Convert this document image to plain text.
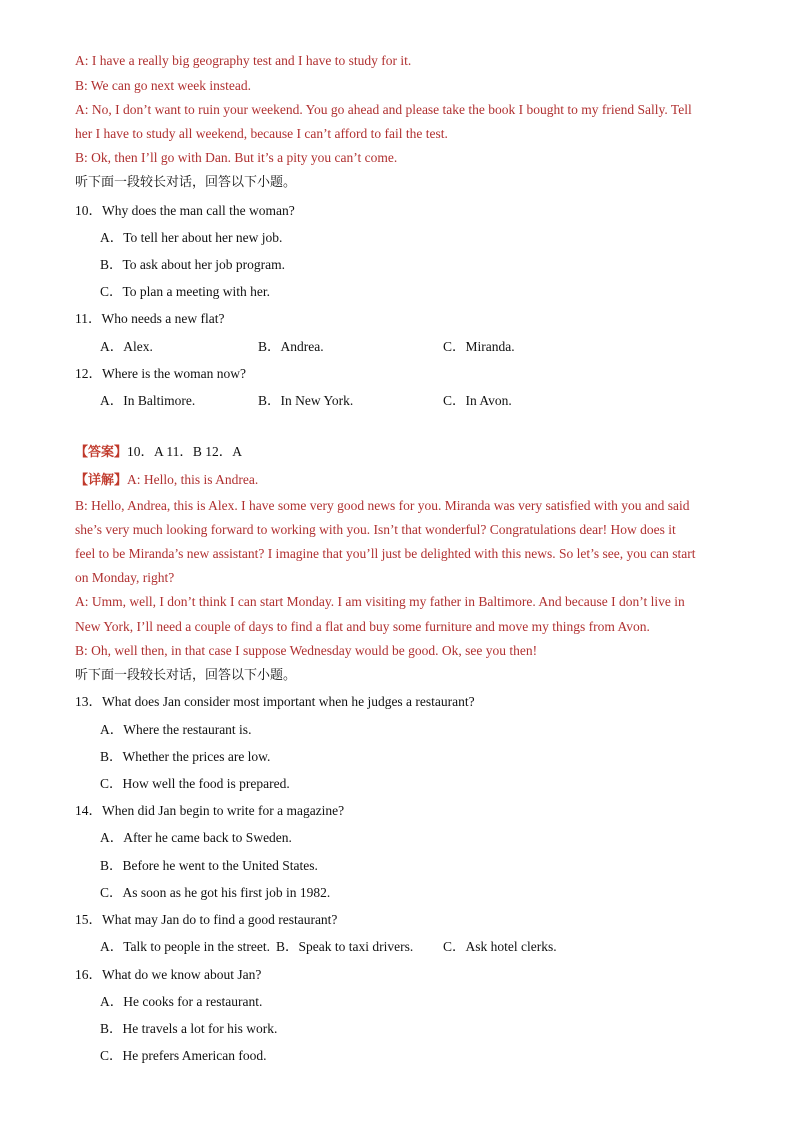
A: I have a really big geography test and I have to study for it.
B: We can go next week instead.
A: No, I don’t want to ruin your weekend. You go ahead and please take the book I bought to my friend Sally. Tell
her I have to study all weekend, because I can’t afford to fail the test.
B: Ok, then I’ll go with Dan. But it’s a pity you can’t come.
听下面一段较长对话，回答以下小题。
10．Why does the man call the woman?
A．To tell her about her new job.
B．To ask about her job program.
C．To plan a meeting with her.
11．Who needs a new flat?
A．Alex.	B．Andrea.	C．Miranda.
12．Where is the woman now?
A．In Baltimore.	B．In New York.	C．In Avon.
【答案】10．A 11．B 12．A
【详解】A: Hello, this is Andrea.
B: Hello, Andrea, this is Alex. I have some very good news for you. Miranda was very satisfied with you and said
she’s very much looking forward to working with you. Isn’t that wonderful? Congratulations dear! How does it
feel to be Miranda’s new assistant? I imagine that you’ll just be delighted with this news. So let’s see, you can start
on Monday, right?
A: Umm, well, I don’t think I can start Monday. I am visiting my father in Baltimore. And because I don’t live in
New York, I’ll need a couple of days to find a flat and buy some furniture and move my things from Avon.
B: Oh, well then, in that case I suppose Wednesday would be good. Ok, see you then!
听下面一段较长对话，回答以下小题。
13．What does Jan consider most important when he judges a restaurant?
A．Where the restaurant is.
B．Whether the prices are low.
C．How well the food is prepared.
14．When did Jan begin to write for a magazine?
A．After he came back to Sweden.
B．Before he went to the United States.
C．As soon as he got his first job in 1982.
15．What may Jan do to find a good restaurant?
A．Talk to people in the street. B．Speak to taxi drivers. C．Ask hotel clerks.
16．What do we know about Jan?
A．He cooks for a restaurant.
B．He travels a lot for his work.
C．He prefers American food.
